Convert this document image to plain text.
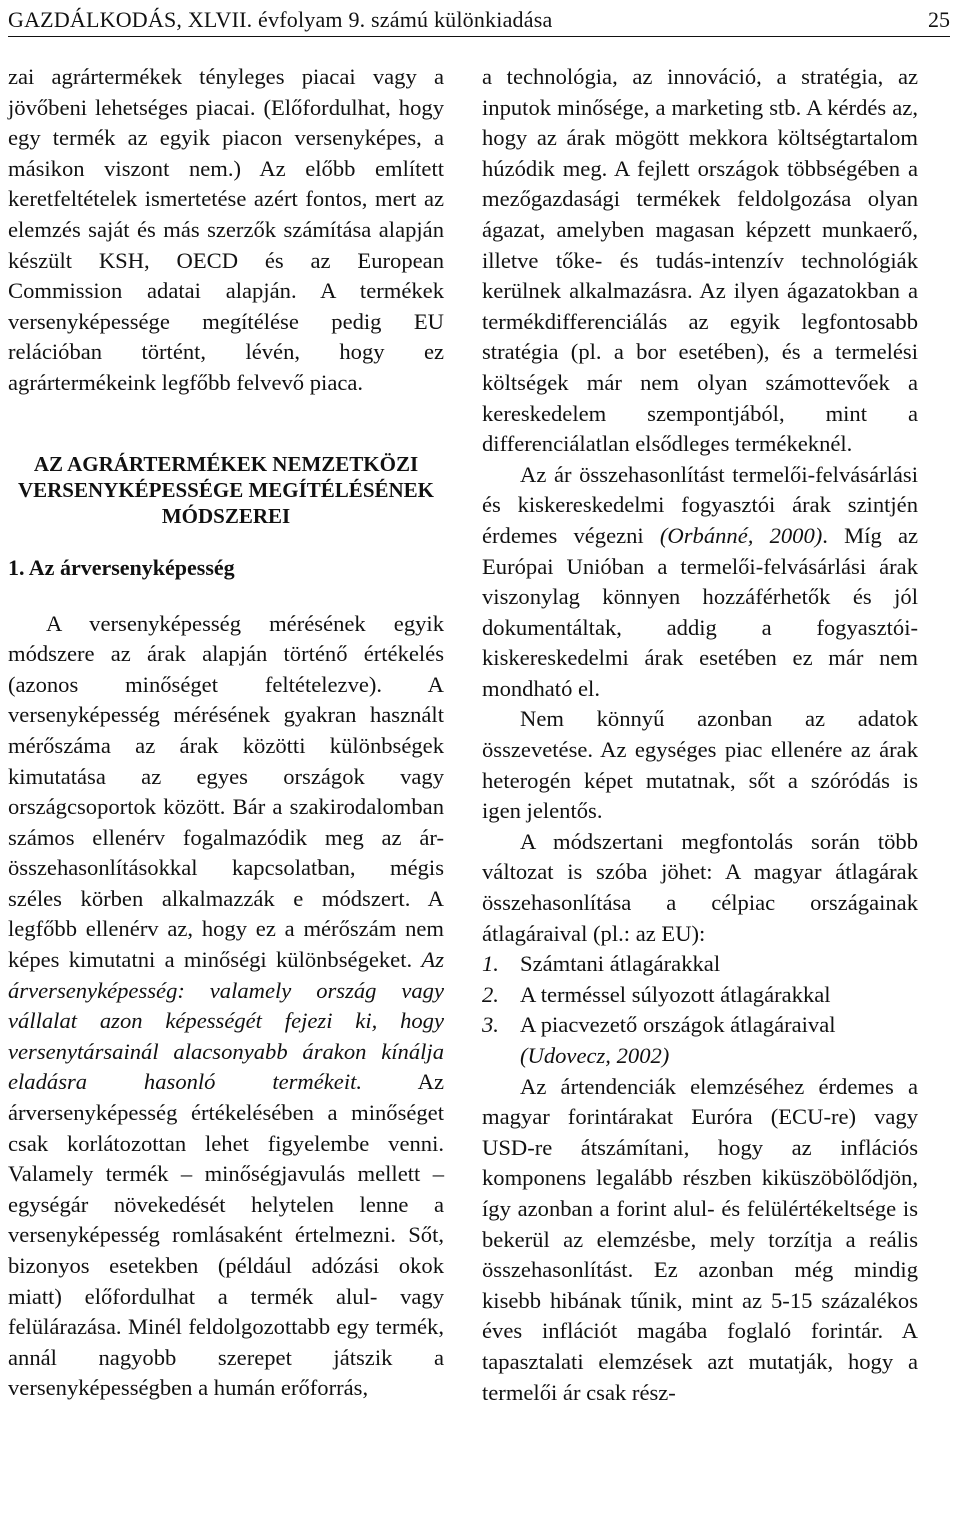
GAZDÁLKODÁS, XLVII. évfolyam 9. számú különkiadása	25

zai agrártermékek tényleges piacai vagy a jövőbeni lehetséges piacai. (Előfordulhat, hogy egy termék az egyik piacon versenyképes, a másikon viszont nem.) Az előbb említett keretfeltételek ismertetése azért fontos, mert az elemzés saját és más szerzők számítása alapján készült KSH, OECD és az European Commission adatai alapján. A termékek versenyképessége megítélése pedig EU relációban történt, lévén, hogy ez agrártermékeink legfőbb felvevő piaca.

AZ AGRÁRTERMÉKEK NEMZETKÖZI VERSENYKÉPESSÉGE MEGÍTÉLÉSÉNEK MÓDSZEREI
1. Az árversenyképesség

A versenyképesség mérésének egyik módszere az árak alapján történő értékelés (azonos minőséget feltételezve). A versenyképesség mérésének gyakran használt mérőszáma az árak közötti különbségek kimutatása az egyes országok vagy országcsoportok között. Bár a szakirodalomban számos ellenérv fogalmazódik meg az ár-összehasonlításokkal kapcsolatban, mégis széles körben alkalmazzák e módszert. A legfőbb ellenérv az, hogy ez a mérőszám nem képes kimutatni a minőségi különbségeket. Az árversenyképesség: valamely ország vagy vállalat azon képességét fejezi ki, hogy versenytársainál alacsonyabb árakon kínálja eladásra hasonló termékeit. Az árversenyképesség értékelésében a minőséget csak korlátozottan lehet figyelembe venni. Valamely termék – minőségjavulás mellett – egységár növekedését helytelen lenne a versenyképesség romlásaként értelmezni. Sőt, bizonyos esetekben (például adózási okok miatt) előfordulhat a termék alul- vagy felülárazása. Minél feldolgozottabb egy termék, annál nagyobb szerepet játszik a versenyképességben a humán erőforrás,

a technológia, az innováció, a stratégia, az inputok minősége, a marketing stb. A kérdés az, hogy az árak mögött mekkora költségtartalom húzódik meg. A fejlett országok többségében a mezőgazdasági termékek feldolgozása olyan ágazat, amelyben magasan képzett munkaerő, illetve tőke- és tudás-intenzív technológiák kerülnek alkalmazásra. Az ilyen ágazatokban a termékdifferenciálás az egyik legfontosabb stratégia (pl. a bor esetében), és a termelési költségek már nem olyan számottevőek a kereskedelem szempontjából, mint a differenciálatlan elsődleges termékeknél.

Az ár összehasonlítást termelői-felvásárlási és kiskereskedelmi fogyasztói árak szintjén érdemes végezni (Orbánné, 2000). Míg az Európai Unióban a termelői-felvásárlási árak viszonylag könnyen hozzáférhetők és jól dokumentáltak, addig a fogyasztói-kiskereskedelmi árak esetében ez már nem mondható el.

Nem könnyű azonban az adatok összevetése. Az egységes piac ellenére az árak heterogén képet mutatnak, sőt a szóródás is igen jelentős.

A módszertani megfontolás során több változat is szóba jöhet: A magyar átlagárak összehasonlítása a célpiac országainak átlagáraival (pl.: az EU):

1. Számtani átlagárakkal
2. A terméssel súlyozott átlagárakkal
3. A piacvezető országok átlagáraival
(Udovecz, 2002)

Az ártendenciák elemzéséhez érdemes a magyar forintárakat Euróra (ECU-re) vagy USD-re átszámítani, hogy az inflációs komponens legalább részben kiküszöbölődjön, így azonban a forint alul- és felülértékeltsége is bekerül az elemzésbe, mely torzítja a reális összehasonlítást. Ez azonban még mindig kisebb hibának tűnik, mint az 5-15 százalékos éves inflációt magába foglaló forintár. A tapasztalati elemzések azt mutatják, hogy a termelői ár csak rész-
